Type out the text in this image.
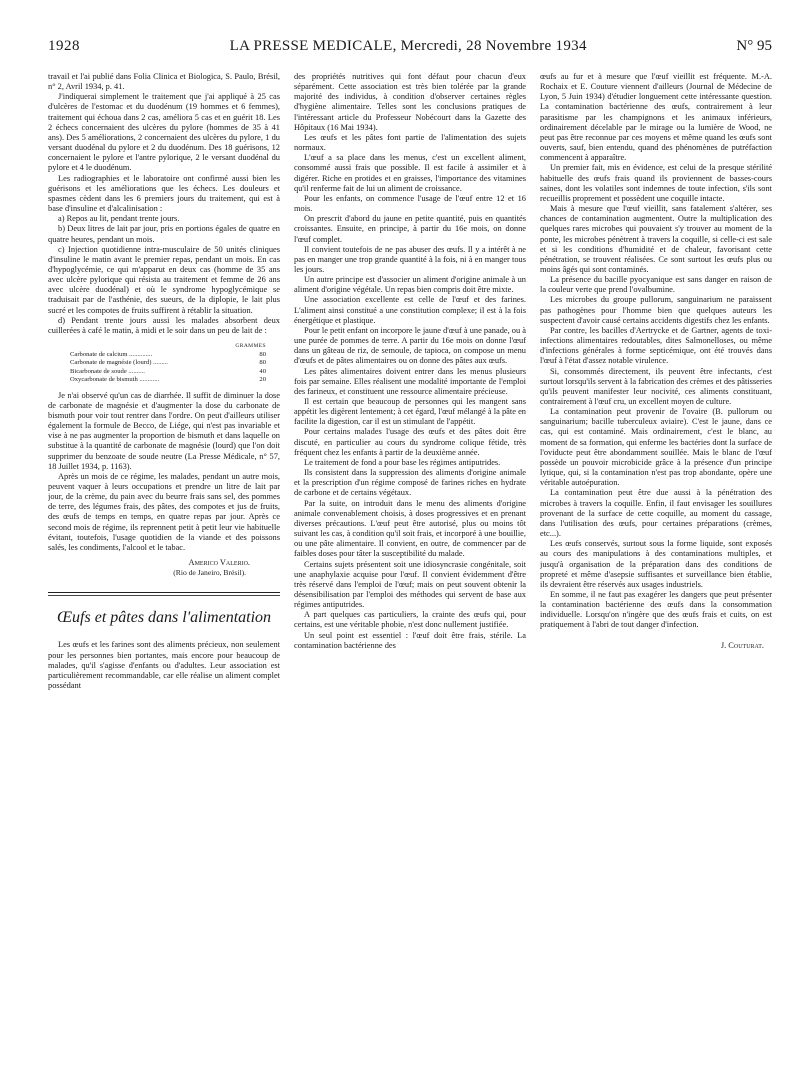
1928	LA PRESSE MEDICALE, Mercredi, 28 Novembre 1934	N° 95

travail et l'ai publié dans Folia Clinica et Biologica, S. Paulo, Brésil, n° 2, Avril 1934, p. 41.

J'indiquerai simplement le traitement que j'ai appliqué à 25 cas d'ulcères de l'estomac et du duodénum (19 hommes et 6 femmes), traitement qui échoua dans 2 cas, améliora 5 cas et en guérit 18. Les 2 échecs concernaient des ulcères du pylore (hommes de 35 à 41 ans). Des 5 améliorations, 2 concernaient des ulcères du pylore, 1 du versant duodénal du pylore et 2 du duodénum. Des 18 guérisons, 12 concernaient le pylore et l'antre pylorique, 2 le versant duodénal du pylore et 4 le duodénum.

Les radiographies et le laboratoire ont confirmé aussi bien les guérisons et les améliorations que les échecs. Les douleurs et spasmes cèdent dans les 6 premiers jours du traitement, qui est à base d'insuline et d'alcalinisation :

a) Repos au lit, pendant trente jours.

b) Deux litres de lait par jour, pris en portions égales de quatre en quatre heures, pendant un mois.

c) Injection quotidienne intra-musculaire de 50 unités cliniques d'insuline le matin avant le premier repas, pendant un mois. En cas d'hypoglycémie, ce qui m'apparut en deux cas (homme de 35 ans avec ulcère pylorique qui résista au traitement et femme de 26 ans avec ulcère duodénal) et où le syndrome hypoglycémique se traduisait par de l'asthénie, des sueurs, de la diplopie, le lait plus sucré et les compotes de fruits suffirent à rétablir la situation.

d) Pendant trente jours aussi les malades absorbent deux cuillerées à café le matin, à midi et le soir dans un peu de lait de :

GRAMMES
Carbonate de calcium ..............	80
Carbonate de magnésie (lourd) .........	80
Bicarbonate de soude ..........	40
Oxycarbonate de bismuth ............	20

Je n'ai observé qu'un cas de diarrhée. Il suffit de diminuer la dose de carbonate de magnésie et d'augmenter la dose du carbonate de bismuth pour voir tout rentrer dans l'ordre. On peut d'ailleurs utiliser également la formule de Becco, de Liége, qui n'est pas invariable et vise à ne pas augmenter la proportion de bismuth et dans laquelle on substitue à la quantité de carbonate de magnésie (lourd) que l'on doit supprimer du benzoate de soude neutre (La Presse Médicale, n° 57, 18 Juillet 1934, p. 1163).

Après un mois de ce régime, les malades, pendant un autre mois, peuvent vaquer à leurs occupations et prendre un litre de lait par jour, de la crème, du pain avec du beurre frais sans sel, des pommes de terre, des légumes frais, des pâtes, des compotes et jus de fruits, des œufs de temps en temps, en quatre repas par jour. Après ce second mois de régime, ils reprennent petit à petit leur vie habituelle évitant, toutefois, l'usage quotidien de la viande et des poissons salés, les condiments, l'alcool et le tabac.

Americo Valerio.
(Rio de Janeiro, Brésil).
Œufs et pâtes dans l'alimentation

Les œufs et les farines sont des aliments précieux, non seulement pour les personnes bien portantes, mais encore pour beaucoup de malades, qu'il s'agisse d'enfants ou d'adultes. Leur association est particulièrement recommandable, car elle réalise un aliment complet possédant

des propriétés nutritives qui font défaut pour chacun d'eux séparément. Cette association est très bien tolérée par la grande majorité des individus, à condition d'observer certaines règles d'hygiène alimentaire. Telles sont les conclusions pratiques de l'intéressant article du Professeur Nobécourt dans la Gazette des Hôpitaux (16 Mai 1934).

Les œufs et les pâtes font partie de l'alimentation des sujets normaux.

L'œuf a sa place dans les menus, c'est un excellent aliment, consommé aussi frais que possible. Il est facile à assimiler et à digérer. Riche en protides et en graisses, l'importance des vitamines qu'il renferme fait de lui un aliment de croissance.

Pour les enfants, on commence l'usage de l'œuf entre 12 et 16 mois.

On prescrit d'abord du jaune en petite quantité, puis en quantités croissantes. Ensuite, en principe, à partir du 16e mois, on donne l'œuf complet.

Il convient toutefois de ne pas abuser des œufs. Il y a intérêt à ne pas en manger une trop grande quantité à la fois, ni à en manger tous les jours.

Un autre principe est d'associer un aliment d'origine animale à un aliment d'origine végétale. Un repas bien compris doit être mixte.

Une association excellente est celle de l'œuf et des farines. L'aliment ainsi constitué a une constitution complexe; il est à la fois énergétique et plastique.

Pour le petit enfant on incorpore le jaune d'œuf à une panade, ou à une purée de pommes de terre. A partir du 16e mois on donne l'œuf dans un gâteau de riz, de semoule, de tapioca, on compose un menu d'œufs et de pâtes alimentaires ou on donne des pâtes aux œufs.

Les pâtes alimentaires doivent entrer dans les menus plusieurs fois par semaine. Elles réalisent une modalité importante de l'emploi des farineux, et constituent une ressource alimentaire précieuse.

Il est certain que beaucoup de personnes qui les mangent sans appétit les digèrent lentement; à cet égard, l'œuf mélangé à la pâte en facilite la digestion, car il est un stimulant de l'appétit.

Pour certains malades l'usage des œufs et des pâtes doit être discuté, en particulier au cours du syndrome colique fétide, très fréquent chez les enfants à partir de la deuxième année.

Le traitement de fond a pour base les régimes antiputrides.

Ils consistent dans la suppression des aliments d'origine animale et la prescription d'un régime composé de farines riches en hydrate de carbone et de certains végétaux.

Par la suite, on introduit dans le menu des aliments d'origine animale convenablement choisis, à doses progressives et en prenant diverses précautions. L'œuf peut être autorisé, plus ou moins tôt suivant les cas, à condition qu'il soit frais, et incorporé à une bouillie, ou une pâte alimentaire. Il convient, en outre, de commencer par de faibles doses pour tâter la susceptibilité du malade.

Certains sujets présentent soit une idiosyncrasie congénitale, soit une anaphylaxie acquise pour l'œuf. Il convient évidemment d'être très réservé dans l'emploi de l'œuf; mais on peut souvent obtenir la désensibilisation par l'emploi des méthodes qui servent de base aux régimes antiputrides.

A part quelques cas particuliers, la crainte des œufs qui, pour certains, est une véritable phobie, n'est donc nullement justifiée.

Un seul point est essentiel : l'œuf doit être frais, stérile. La contamination bactérienne des

œufs au fur et à mesure que l'œuf vieillit est fréquente. M.-A. Rochaix et E. Couture viennent d'ailleurs (Journal de Médecine de Lyon, 5 Juin 1934) d'étudier longuement cette intéressante question. La contamination bactérienne des œufs, contrairement à leur parasitisme par les champignons et les animaux inférieurs, ordinairement décelable par le mirage ou la lumière de Wood, ne peut pas être reconnue par ces moyens et même quand les œufs sont ouverts, sauf, bien entendu, quand des phénomènes de putréfaction commencent à apparaître.

Un premier fait, mis en évidence, est celui de la presque stérilité habituelle des œufs frais quand ils proviennent de basses-cours saines, dont les volatiles sont indemnes de toute infection, s'ils sont recueillis proprement et possèdent une coquille intacte.

Mais à mesure que l'œuf vieillit, sans fatalement s'altérer, ses chances de contamination augmentent. Outre la multiplication des quelques rares microbes qui pouvaient s'y trouver au moment de la ponte, les microbes pénètrent à travers la coquille, si celle-ci est sale et si les conditions d'humidité et de chaleur, favorisant cette pénétration, se trouvent réalisées. Ce sont surtout les œufs plus ou moins âgés qui sont contaminés.

La présence du bacille pyocyanique est sans danger en raison de la couleur verte que prend l'ovalbumine.

Les microbes du groupe pullorum, sanguinarium ne paraissent pas pathogènes pour l'homme bien que quelques auteurs les suspectent d'avoir causé certains accidents digestifs chez les enfants.

Par contre, les bacilles d'Aertrycke et de Gartner, agents de toxi-infections alimentaires redoutables, dites Salmonelloses, ou même d'infections générales à forme septicémique, ont été trouvés dans l'œuf à l'état d'assez notable virulence.

Si, consommés directement, ils peuvent être infectants, c'est surtout lorsqu'ils servent à la fabrication des crèmes et des pâtisseries qu'ils peuvent manifester leur nocivité, ces aliments constituant, contrairement à l'œuf cru, un excellent moyen de culture.

La contamination peut provenir de l'ovaire (B. pullorum ou sanguinarium; bacille tuberculeux aviaire). C'est le jaune, dans ce cas, qui est contaminé. Mais ordinairement, c'est le blanc, au moment de sa formation, qui enferme les bactéries dont la surface de l'oviducte peut être abondamment souillée. Mais le blanc de l'œuf possède un pouvoir microbicide grâce à la présence d'un principe lytique, qui, si la contamination n'est pas trop abondante, opère une véritable autoépuration.

La contamination peut être due aussi à la pénétration des microbes à travers la coquille. Enfin, il faut envisager les souillures provenant de la surface de cette coquille, au moment du cassage, dans l'utilisation des œufs, pour certaines préparations (crèmes, etc...).

Les œufs conservés, surtout sous la forme liquide, sont exposés au cours des manipulations à des contaminations multiples, et jusqu'à organisation de la préparation dans des conditions de propreté et même d'asepsie suffisantes et surveillance bien établie, ils devraient être réservés aux usages industriels.

En somme, il ne faut pas exagérer les dangers que peut présenter la contamination bactérienne des œufs dans la consommation individuelle. Lorsqu'on n'ingère que des œufs frais et cuits, on est pratiquement à l'abri de tout danger d'infection.

J. Couturat.
